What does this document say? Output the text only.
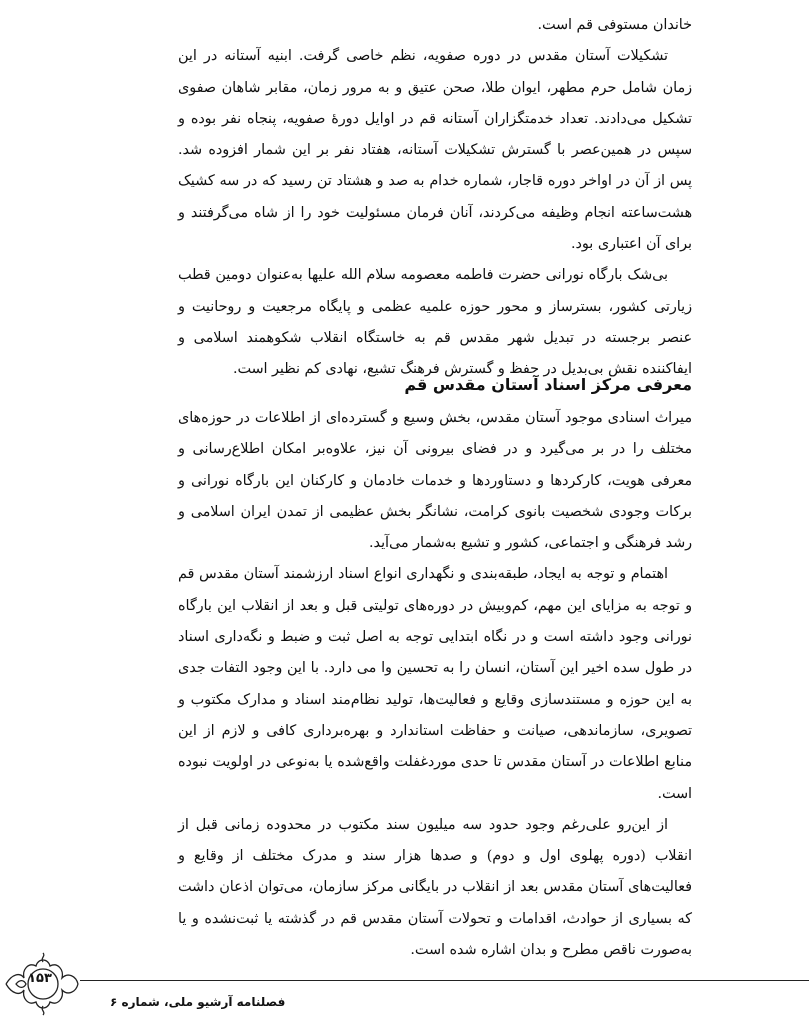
خاندان مستوفی قم است.

تشکیلات آستان مقدس در دوره صفویه، نظم خاصی گرفت. ابنیه آستانه در این زمان شامل حرم مطهر، ایوان طلا، صحن عتیق و به مرور زمان، مقابر شاهان صفوی تشکیل می‌دادند. تعداد خدمتگزاران آستانه قم در اوایل دورهٔ صفویه، پنجاه نفر بوده و سپس در همین‌عصر با گسترش تشکیلات آستانه، هفتاد نفر بر این شمار افزوده شد. پس از آن در اواخر دوره قاجار، شماره خدام به صد و هشتاد تن رسید که در سه کشیک هشت‌ساعته انجام وظیفه می‌کردند، آنان فرمان مسئولیت خود را از شاه می‌گرفتند و برای آن اعتباری بود.

بی‌شک بارگاه نورانی حضرت فاطمه معصومه سلام الله علیها به‌عنوان دومین قطب زیارتی کشور، بسترساز و محور حوزه علمیه عظمی و پایگاه مرجعیت و روحانیت و عنصر برجسته در تبدیل شهر مقدس قم به خاستگاه انقلاب شکوهمند اسلامی و ایفاکننده نقش بی‌بدیل در حفظ و گسترش فرهنگ تشیع، نهادی کم نظیر است.

معرفی مرکز اسناد آستان مقدس قم

میراث اسنادی موجود آستان مقدس، بخش وسیع و گسترده‌ای از اطلاعات در حوزه‌های مختلف را در بر می‌گیرد و در فضای بیرونی آن نیز، علاوه‌بر امکان اطلاع‌رسانی و معرفی هویت، کارکردها و دستاوردها و خدمات خادمان و کارکنان این بارگاه نورانی و برکات وجودی شخصیت بانوی کرامت، نشانگر بخش عظیمی از تمدن ایران اسلامی و رشد فرهنگی و اجتماعی، کشور و تشیع به‌شمار می‌آید.

اهتمام و توجه به ایجاد، طبقه‌بندی و نگهداری انواع اسناد ارزشمند آستان مقدس قم و توجه به مزایای این مهم، کم‌وبیش در دوره‌های تولیتی قبل و بعد از انقلاب این بارگاه نورانی وجود داشته است و در نگاه ابتدایی توجه به اصل ثبت و ضبط و نگه‌داری اسناد در طول سده اخیر این آستان، انسان را به تحسین وا می دارد. با این وجود التفات جدی به این حوزه و مستندسازی وقایع و فعالیت‌ها، تولید نظام‌مند اسناد و مدارک مکتوب و تصویری، سازماندهی، صیانت و حفاظت استاندارد و بهره‌برداری کافی و لازم از این منابع اطلاعات در آستان مقدس تا حدی موردغفلت واقع‌شده یا به‌نوعی در اولویت نبوده است.

از این‌رو علی‌رغم وجود حدود سه میلیون سند مکتوب در محدوده زمانی قبل از انقلاب (دوره پهلوی اول و دوم) و صدها هزار سند و مدرک مختلف از وقایع و فعالیت‌های آستان مقدس بعد از انقلاب در بایگانی مرکز سازمان، می‌توان اذعان داشت که بسیاری از حوادث، اقدامات و تحولات آستان مقدس قم در گذشته یا ثبت‌نشده و یا به‌صورت ناقص مطرح و بدان اشاره شده است.

۱۵۳
فصلنامه آرشیو ملی، شماره ۶
